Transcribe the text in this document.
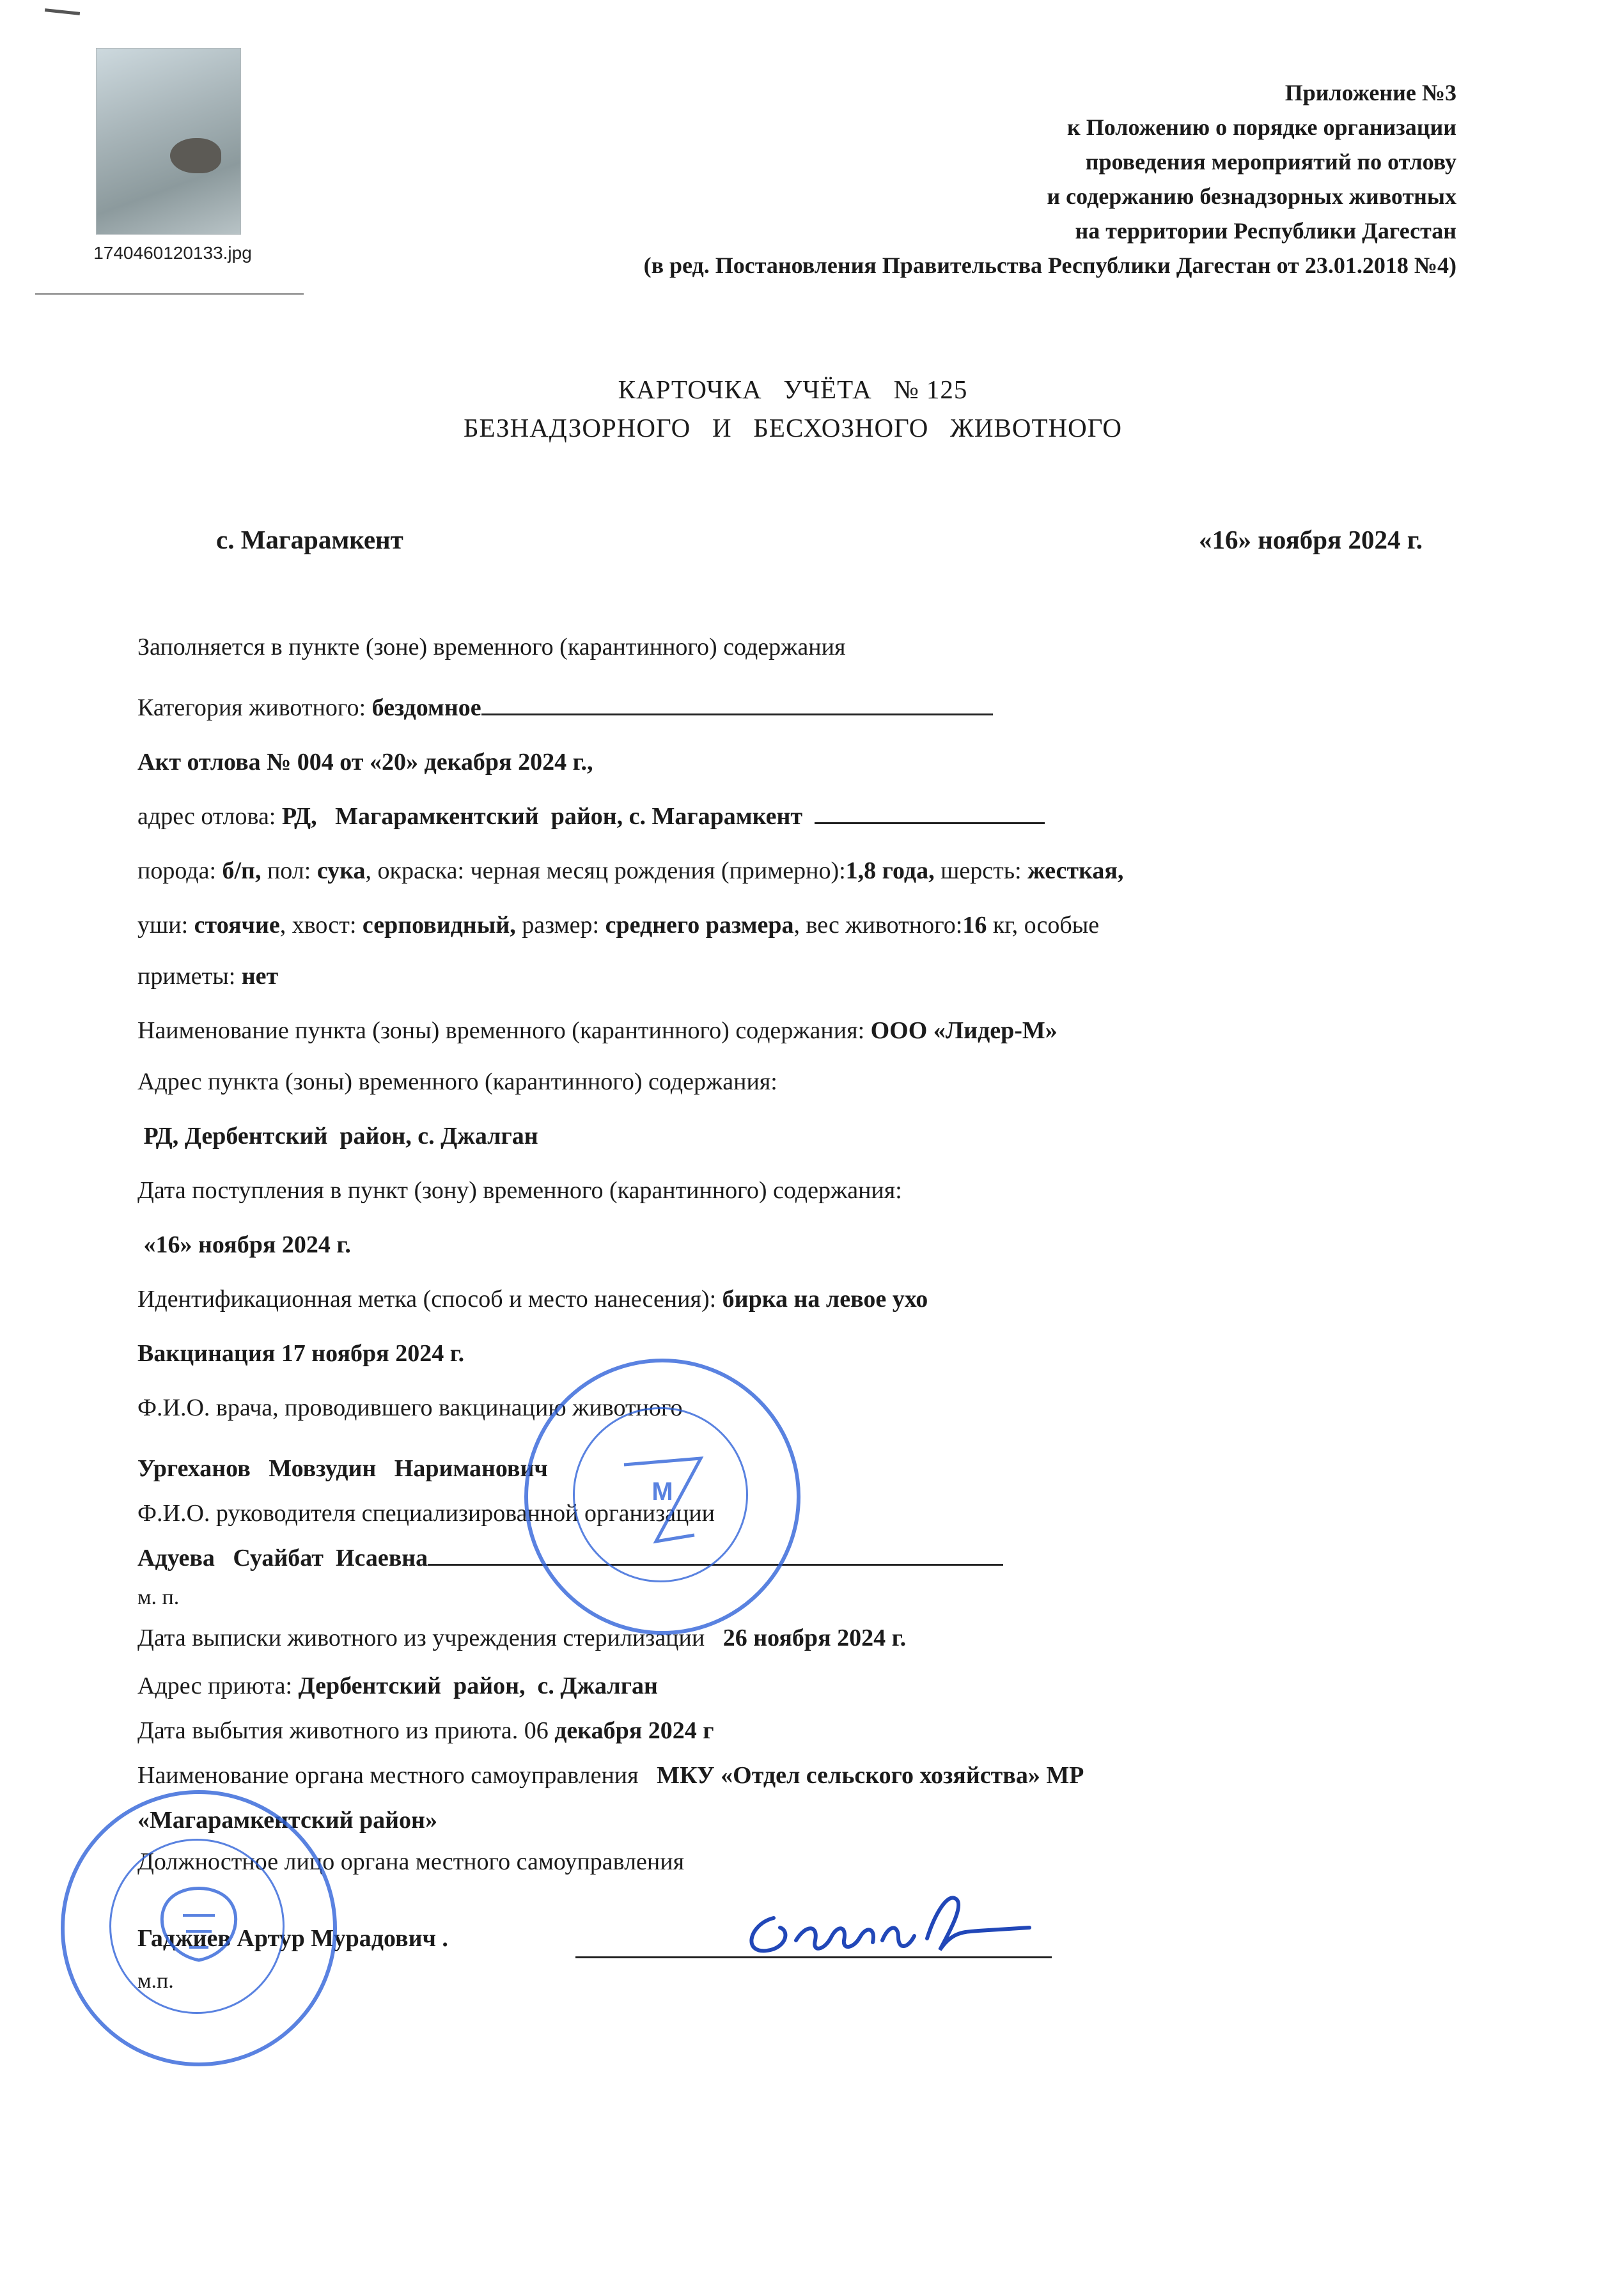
1740460120133.jpg
Приложение №3
к Положению о порядке организации
проведения мероприятий по отлову
и содержанию безнадзорных животных
на территории Республики Дагестан
(в ред. Постановления Правительства Республики Дагестан от 23.01.2018 №4)
КАРТОЧКА   УЧЁТА   № 125
БЕЗНАДЗОРНОГО   И   БЕСХОЗНОГО   ЖИВОТНОГО
с. Магарамкент	«16» ноября 2024 г.
Заполняется в пункте (зоне) временного (карантинного) содержания
Категория животного: бездомное
Акт отлова № 004 от «20» декабря 2024 г.,
адрес отлова: РД,   Магарамкентский  район, с. Магарамкент
порода: б/п, пол: сука, окраска: черная месяц рождения (примерно):1,8 года, шерсть: жесткая,
уши: стоячие, хвост: серповидный, размер: среднего размера, вес животного:16 кг, особые
приметы: нет
Наименование пункта (зоны) временного (карантинного) содержания: ООО «Лидер-М»
Адрес пункта (зоны) временного (карантинного) содержания:
РД, Дербентский  район, с. Джалган
Дата поступления в пункт (зону) временного (карантинного) содержания:
«16» ноября 2024 г.
Идентификационная метка (способ и место нанесения): бирка на левое ухо
Вакцинация 17 ноября 2024 г.
Ф.И.О. врача, проводившего вакцинацию животного
Ургеханов   Мовзудин   Нариманович
Ф.И.О. руководителя специализированной организации
Адуева   Суайбат  Исаевна
м. п.
Дата выписки животного из учреждения стерилизации   26 ноября 2024 г.
Адрес приюта: Дербентский  район,  с. Джалган
Дата выбытия животного из приюта. 06 декабря 2024 г
Наименование органа местного самоуправления   МКУ «Отдел сельского хозяйства» МР
«Магарамкентский район»
Должностное лицо органа местного самоуправления
Гаджиев Артур Мурадович .
м.п.
M
